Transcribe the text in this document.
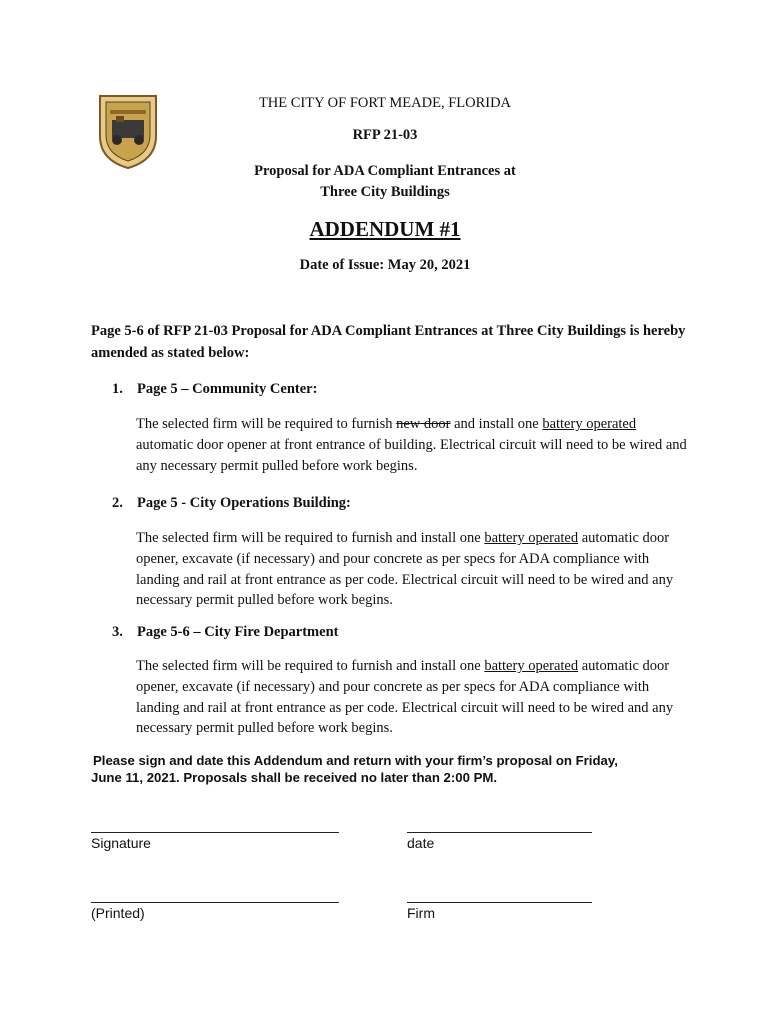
THE CITY OF FORT MEADE, FLORIDA
RFP 21-03
Proposal for ADA Compliant Entrances at
Three City Buildings
ADDENDUM #1
Date of Issue: May 20, 2021
Page 5-6 of RFP 21-03 Proposal for ADA Compliant Entrances at Three City Buildings is hereby amended as stated below:
1. Page 5 – Community Center:
The selected firm will be required to furnish new door and install one battery operated automatic door opener at front entrance of building. Electrical circuit will need to be wired and any necessary permit pulled before work begins.
2. Page 5 - City Operations Building:
The selected firm will be required to furnish and install one battery operated automatic door opener, excavate (if necessary) and pour concrete as per specs for ADA compliance with landing and rail at front entrance as per code. Electrical circuit will need to be wired and any necessary permit pulled before work begins.
3. Page 5-6 – City Fire Department
The selected firm will be required to furnish and install one battery operated automatic door opener, excavate (if necessary) and pour concrete as per specs for ADA compliance with landing and rail at front entrance as per code. Electrical circuit will need to be wired and any necessary permit pulled before work begins.
Please sign and date this Addendum and return with your firm’s proposal on Friday,
June 11, 2021. Proposals shall be received no later than 2:00 PM.
Signature	date
(Printed)	Firm
